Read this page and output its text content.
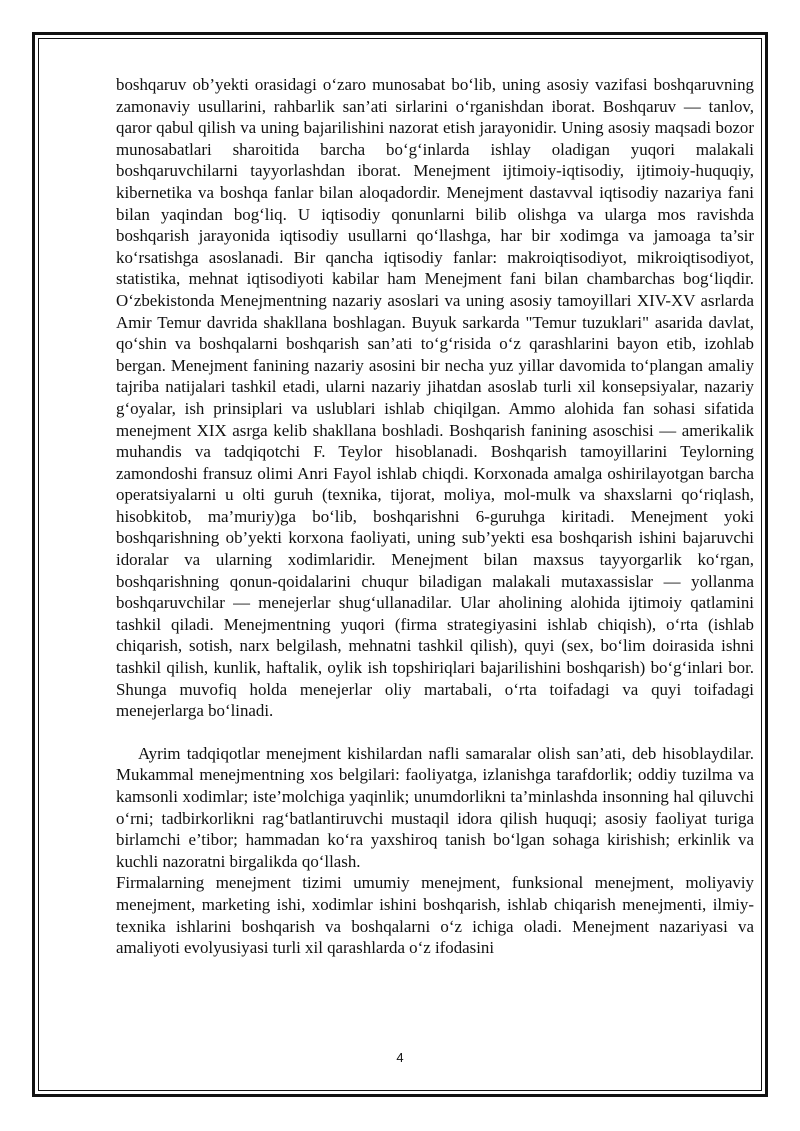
boshqaruv ob’yekti orasidagi o‘zaro munosabat bo‘lib, uning asosiy vazifasi boshqaruvning zamonaviy usullarini, rahbarlik san’ati sirlarini o‘rganishdan iborat. Boshqaruv — tanlov, qaror qabul qilish va uning bajarilishini nazorat etish jarayonidir. Uning asosiy maqsadi bozor munosabatlari sharoitida barcha bo‘g‘inlarda ishlay oladigan yuqori malakali boshqaruvchilarni tayyorlashdan iborat. Menejment ijtimoiy-iqtisodiy, ijtimoiy-huquqiy, kibernetika va boshqa fanlar bilan aloqadordir. Menejment dastavval iqtisodiy nazariya fani bilan yaqindan bog‘liq. U iqtisodiy qonunlarni bilib olishga va ularga mos ravishda boshqarish jarayonida iqtisodiy usullarni qo‘llashga, har bir xodimga va jamoaga ta’sir ko‘rsatishga asoslanadi. Bir qancha iqtisodiy fanlar: makroiqtisodiyot, mikroiqtisodiyot, statistika, mehnat iqtisodiyoti kabilar ham Menejment fani bilan chambarchas bog‘liqdir. O‘zbekistonda Menejmentning nazariy asoslari va uning asosiy tamoyillari XIV-XV asrlarda Amir Temur davrida shakllana boshlagan. Buyuk sarkarda "Temur tuzuklari" asarida davlat, qo‘shin va boshqalarni boshqarish san’ati to‘g‘risida o‘z qarashlarini bayon etib, izohlab bergan. Menejment fanining nazariy asosini bir necha yuz yillar davomida to‘plangan amaliy tajriba natijalari tashkil etadi, ularni nazariy jihatdan asoslab turli xil konsepsiyalar, nazariy g‘oyalar, ish prinsiplari va uslublari ishlab chiqilgan. Ammo alohida fan sohasi sifatida menejment XIX asrga kelib shakllana boshladi. Boshqarish fanining asoschisi — amerikalik muhandis va tadqiqotchi F. Teylor hisoblanadi. Boshqarish tamoyillarini Teylorning zamondoshi fransuz olimi Anri Fayol ishlab chiqdi. Korxonada amalga oshirilayotgan barcha operatsiyalarni u olti guruh (texnika, tijorat, moliya, mol-mulk va shaxslarni qo‘riqlash, hisobkitob, ma’muriy)ga bo‘lib, boshqarishni 6-guruhga kiritadi. Menejment yoki boshqarishning ob’yekti korxona faoliyati, uning sub’yekti esa boshqarish ishini bajaruvchi idoralar va ularning xodimlaridir. Menejment bilan maxsus tayyorgarlik ko‘rgan, boshqarishning qonun-qoidalarini chuqur biladigan malakali mutaxassislar — yollanma boshqaruvchilar — menejerlar shug‘ullanadilar. Ular aholining alohida ijtimoiy qatlamini tashkil qiladi. Menejmentning yuqori (firma strategiyasini ishlab chiqish), o‘rta (ishlab chiqarish, sotish, narx belgilash, mehnatni tashkil qilish), quyi (sex, bo‘lim doirasida ishni tashkil qilish, kunlik, haftalik, oylik ish topshiriqlari bajarilishini boshqarish) bo‘g‘inlari bor. Shunga muvofiq holda menejerlar oliy martabali, o‘rta toifadagi va quyi toifadagi menejerlarga bo‘linadi.

Ayrim tadqiqotlar menejment kishilardan nafli samaralar olish san’ati, deb hisoblaydilar. Mukammal menejmentning xos belgilari: faoliyatga, izlanishga tarafdorlik; oddiy tuzilma va kamsonli xodimlar; iste’molchiga yaqinlik; unumdorlikni ta’minlashda insonning hal qiluvchi o‘rni; tadbirkorlikni rag‘batlantiruvchi mustaqil idora qilish huquqi; asosiy faoliyat turiga birlamchi e’tibor; hammadan ko‘ra yaxshiroq tanish bo‘lgan sohaga kirishish; erkinlik va kuchli nazoratni birgalikda qo‘llash.

Firmalarning menejment tizimi umumiy menejment, funksional menejment, moliyaviy menejment, marketing ishi, xodimlar ishini boshqarish, ishlab chiqarish menejmenti, ilmiy-texnika ishlarini boshqarish va boshqalarni o‘z ichiga oladi. Menejment nazariyasi va amaliyoti evolyusiyasi turli xil qarashlarda o‘z ifodasini

4
